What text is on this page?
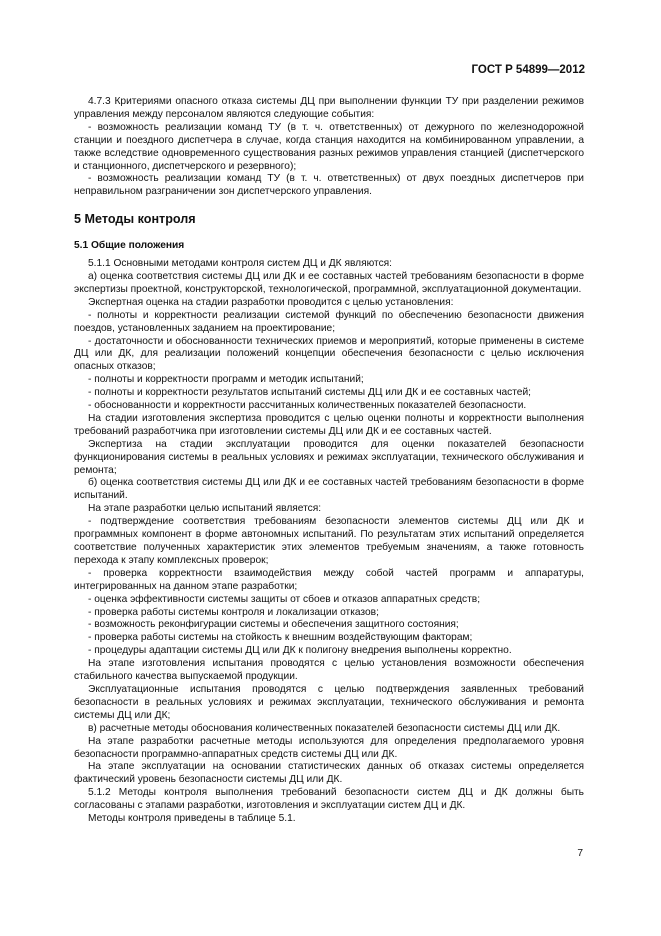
ГОСТ Р 54899—2012

4.7.3 Критериями опасного отказа системы ДЦ при выполнении функции ТУ при разделении режимов управления между персоналом являются следующие события:

- возможность реализации команд ТУ (в т. ч. ответственных) от дежурного по железнодорожной станции и поездного диспетчера в случае, когда станция находится на комбинированном управлении, а также вследствие одновременного существования разных режимов управления станцией (диспетчерского и станционного, диспетчерского и резервного);

- возможность реализации команд ТУ (в т. ч. ответственных) от двух поездных диспетчеров при неправильном разграничении зон диспетчерского управления.

5 Методы контроля

5.1 Общие положения

5.1.1 Основными методами контроля систем ДЦ и ДК являются:

а) оценка соответствия системы ДЦ или ДК и ее составных частей требованиям безопасности в форме экспертизы проектной, конструкторской, технологической, программной, эксплуатационной документации.

Экспертная оценка на стадии разработки проводится с целью установления:

- полноты и корректности реализации системой функций по обеспечению безопасности движения поездов, установленных заданием на проектирование;

- достаточности и обоснованности технических приемов и мероприятий, которые применены в системе ДЦ или ДК, для реализации положений концепции обеспечения безопасности с целью исключения опасных отказов;

- полноты и корректности программ и методик испытаний;

- полноты и корректности результатов испытаний системы ДЦ или ДК и ее составных частей;

- обоснованности и корректности рассчитанных количественных показателей безопасности.

На стадии изготовления экспертиза проводится с целью оценки полноты и корректности выполнения требований разработчика при изготовлении системы ДЦ или ДК и ее составных частей.

Экспертиза на стадии эксплуатации проводится для оценки показателей безопасности функционирования системы в реальных условиях и режимах эксплуатации, технического обслуживания и ремонта;

б) оценка соответствия системы ДЦ или ДК и ее составных частей требованиям безопасности в форме испытаний.

На этапе разработки целью испытаний является:

- подтверждение соответствия требованиям безопасности элементов системы ДЦ или ДК и программных компонент в форме автономных испытаний. По результатам этих испытаний определяется соответствие полученных характеристик этих элементов требуемым значениям, а также готовность перехода к этапу комплексных проверок;

- проверка корректности взаимодействия между собой частей программ и аппаратуры, интегрированных на данном этапе разработки;

- оценка эффективности системы защиты от сбоев и отказов аппаратных средств;

- проверка работы системы контроля и локализации отказов;

- возможность реконфигурации системы и обеспечения защитного состояния;

- проверка работы системы на стойкость к внешним воздействующим факторам;

- процедуры адаптации системы ДЦ или ДК к полигону внедрения выполнены корректно.

На этапе изготовления испытания проводятся с целью установления возможности обеспечения стабильного качества выпускаемой продукции.

Эксплуатационные испытания проводятся с целью подтверждения заявленных требований безопасности в реальных условиях и режимах эксплуатации, технического обслуживания и ремонта системы ДЦ или ДК;

в) расчетные методы обоснования количественных показателей безопасности системы ДЦ или ДК.

На этапе разработки расчетные методы используются для определения предполагаемого уровня безопасности программно-аппаратных средств системы ДЦ или ДК.

На этапе эксплуатации на основании статистических данных об отказах системы определяется фактический уровень безопасности системы ДЦ или ДК.

5.1.2 Методы контроля выполнения требований безопасности систем ДЦ и ДК должны быть согласованы с этапами разработки, изготовления и эксплуатации систем ДЦ и ДК.

Методы контроля приведены в таблице 5.1.

7
